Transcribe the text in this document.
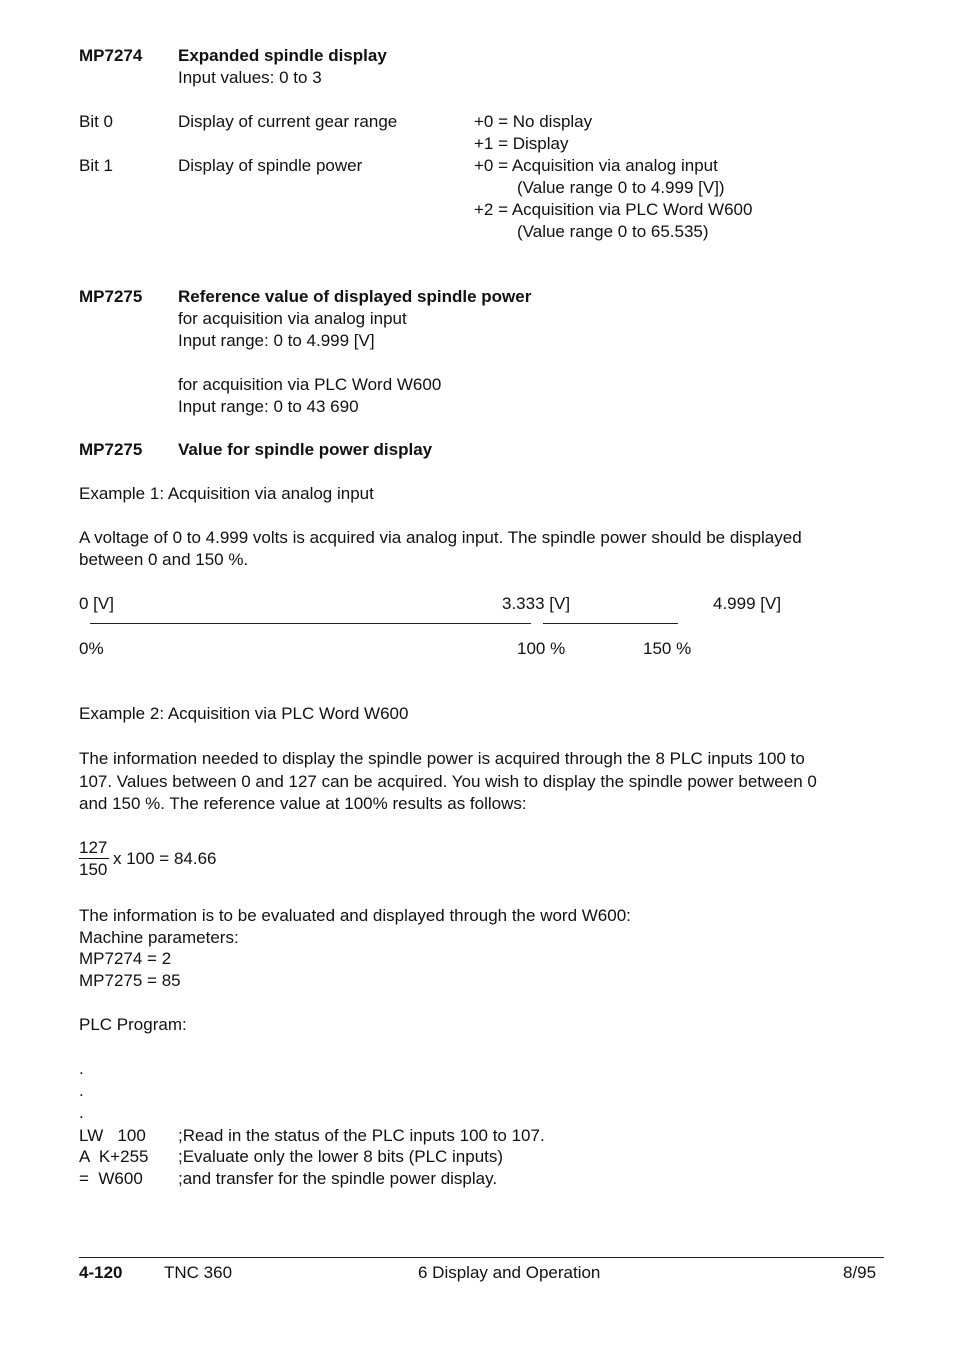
MP7274 Expanded spindle display
Input values: 0 to 3
Bit 0	Display of current gear range	+0 = No display
+1 = Display
Bit 1	Display of spindle power	+0 = Acquisition via analog input
(Value range 0 to 4.999 [V])
+2 = Acquisition via PLC Word W600
(Value range 0 to 65.535)
MP7275 Reference value of displayed spindle power
for acquisition via analog input
Input range: 0 to 4.999 [V]
for acquisition via PLC Word W600
Input range: 0 to 43 690
MP7275 Value for spindle power display
Example 1: Acquisition via analog input
A voltage of 0 to 4.999 volts is acquired via analog input. The spindle power should be displayed
between 0 and 150 %.
0 [V]	3.333 [V]	4.999 [V]
0%	100 %	150 %
Example 2: Acquisition via PLC Word W600
The information needed to display the spindle power is acquired through the 8 PLC inputs 100 to
107. Values between 0 and 127 can be acquired. You wish to display the spindle power between 0
and 150 %. The reference value at 100% results as follows:
127
150
x 100 = 84.66
The information is to be evaluated and displayed through the word W600:
Machine parameters:
MP7274 = 2
MP7275 = 85
PLC Program:
.
.
.
LW   100 ;Read in the status of the PLC inputs 100 to 107.
A  K+255 ;Evaluate only the lower 8 bits (PLC inputs)
=  W600 ;and transfer for the spindle power display.
4-120 TNC 360	6 Display and Operation	8/95
